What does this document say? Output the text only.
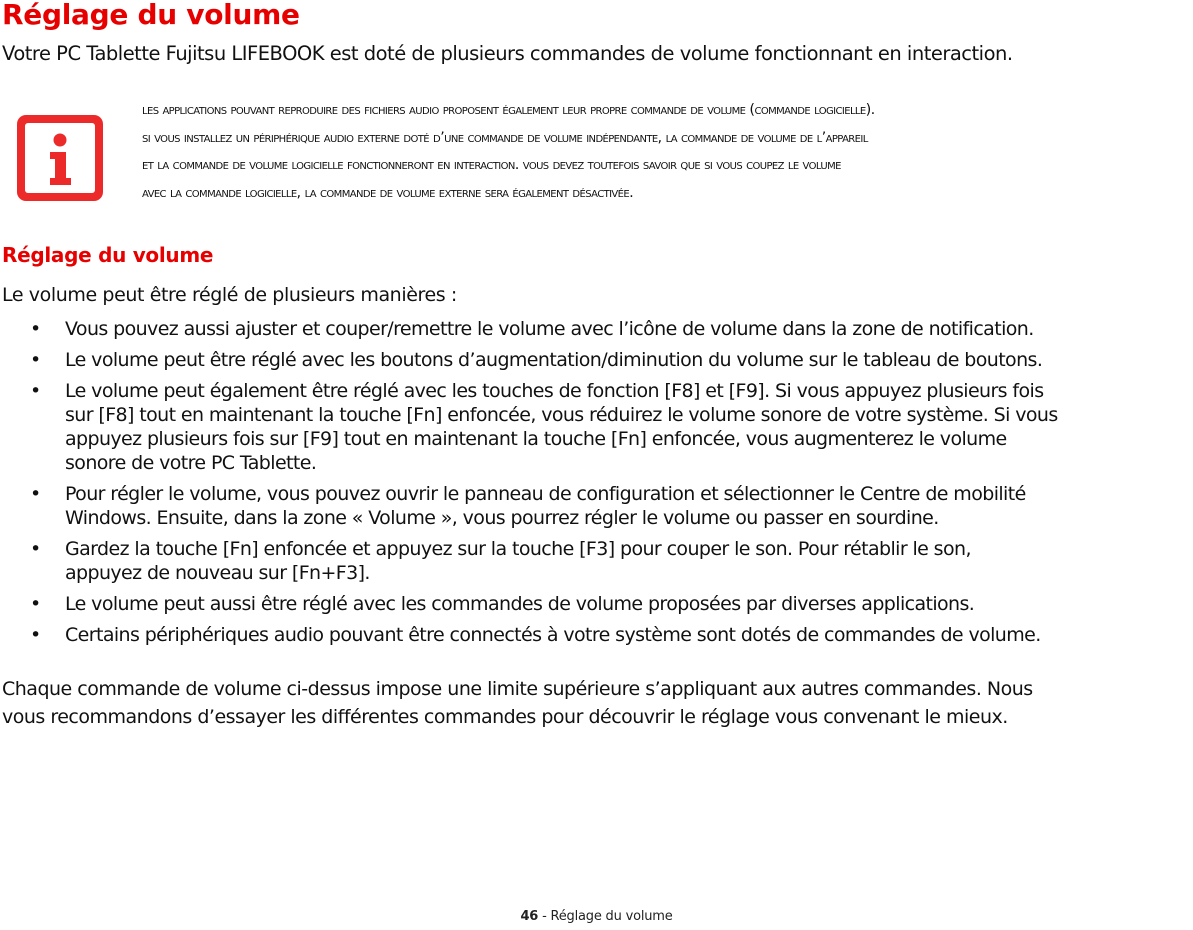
Réglage du volume

Votre PC Tablette Fujitsu LIFEBOOK est doté de plusieurs commandes de volume fonctionnant en interaction.

les applications pouvant reproduire des fichiers audio proposent également leur propre commande de volume (commande logicielle).
si vous installez un périphérique audio externe doté d’une commande de volume indépendante, la commande de volume de l’appareil
et la commande de volume logicielle fonctionneront en interaction. vous devez toutefois savoir que si vous coupez le volume
avec la commande logicielle, la commande de volume externe sera également désactivée.
Réglage du volume

Le volume peut être réglé de plusieurs manières :

• Vous pouvez aussi ajuster et couper/remettre le volume avec l’icône de volume dans la zone de notification.
• Le volume peut être réglé avec les boutons d’augmentation/diminution du volume sur le tableau de boutons.
• Le volume peut également être réglé avec les touches de fonction [F8] et [F9]. Si vous appuyez plusieurs fois
sur [F8] tout en maintenant la touche [Fn] enfoncée, vous réduirez le volume sonore de votre système. Si vous
appuyez plusieurs fois sur [F9] tout en maintenant la touche [Fn] enfoncée, vous augmenterez le volume
sonore de votre PC Tablette.
• Pour régler le volume, vous pouvez ouvrir le panneau de configuration et sélectionner le Centre de mobilité
Windows. Ensuite, dans la zone « Volume », vous pourrez régler le volume ou passer en sourdine.
• Gardez la touche [Fn] enfoncée et appuyez sur la touche [F3] pour couper le son. Pour rétablir le son,
appuyez de nouveau sur [Fn+F3].
• Le volume peut aussi être réglé avec les commandes de volume proposées par diverses applications.
• Certains périphériques audio pouvant être connectés à votre système sont dotés de commandes de volume.

Chaque commande de volume ci-dessus impose une limite supérieure s’appliquant aux autres commandes. Nous
vous recommandons d’essayer les différentes commandes pour découvrir le réglage vous convenant le mieux.

46 - Réglage du volume
